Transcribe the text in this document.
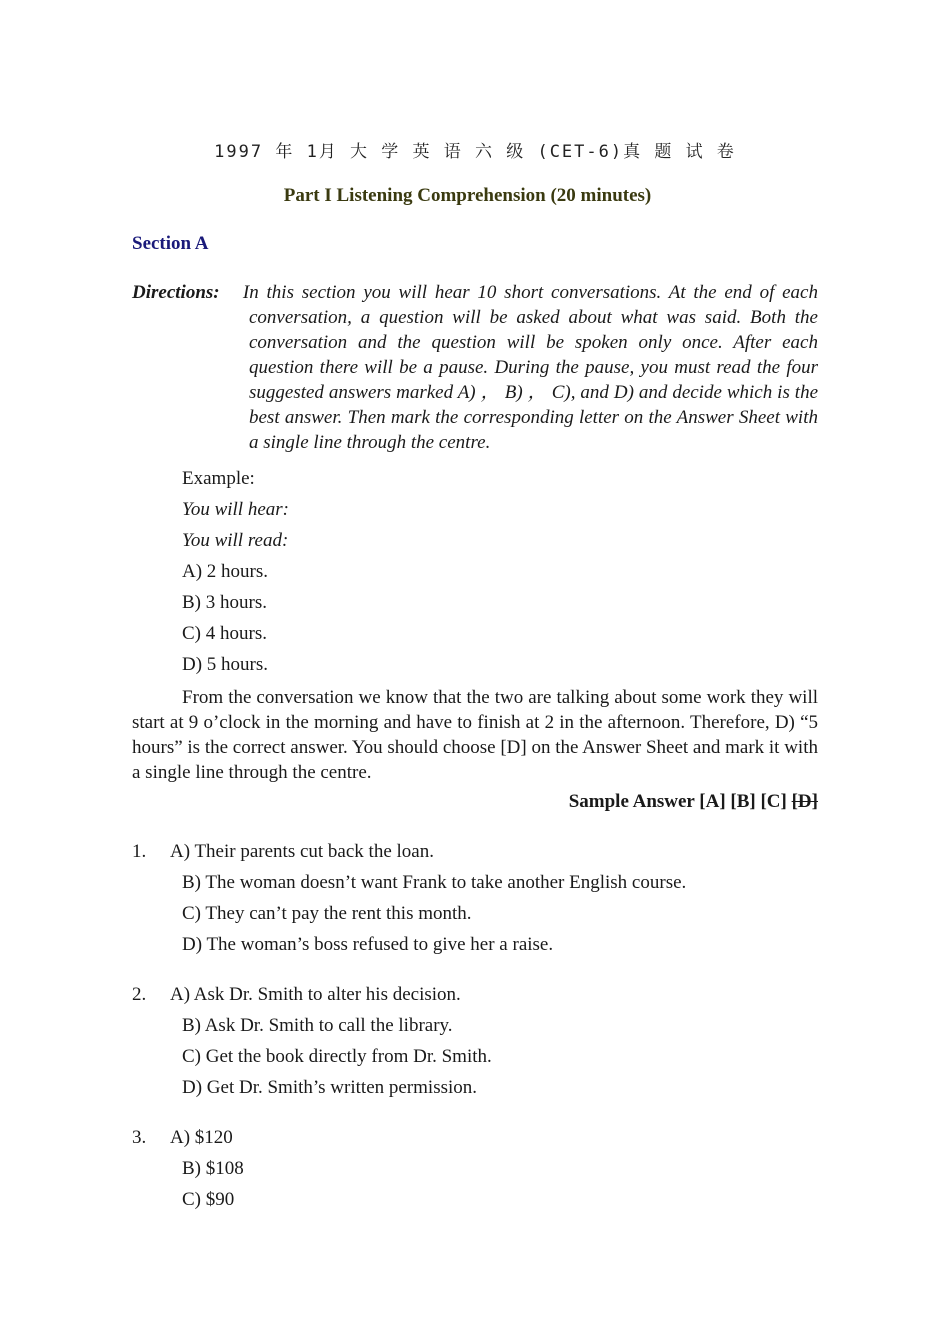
1997 年 1月 大 学 英 语 六 级 (CET-6)真 题 试 卷
Part I Listening Comprehension (20 minutes)
Section A
Directions: In this section you will hear 10 short conversations. At the end of each
conversation, a question will be asked about what was said. Both the conversation and the question will be spoken only once. After each question there will be a pause. During the pause, you must read the four suggested answers marked A) ， B) ， C), and D) and decide which is the best answer. Then mark the corresponding letter on the Answer Sheet with a single line through the centre.
Example:
You will hear:
You will read:
A) 2 hours.
B) 3 hours.
C) 4 hours.
D) 5 hours.
From the conversation we know that the two are talking about some work they will start at 9 o’clock in the morning and have to finish at 2 in the afternoon. Therefore, D) “5 hours” is the correct answer. You should choose [D] on the Answer Sheet and mark it with a single line through the centre.
Sample Answer [A] [B] [C] [D]
1. A) Their parents cut back the loan.
B) The woman doesn’t want Frank to take another English course.
C) They can’t pay the rent this month.
D) The woman’s boss refused to give her a raise.
2. A) Ask Dr. Smith to alter his decision.
B) Ask Dr. Smith to call the library.
C) Get the book directly from Dr. Smith.
D) Get Dr. Smith’s written permission.
3. A) $120
B) $108
C) $90
